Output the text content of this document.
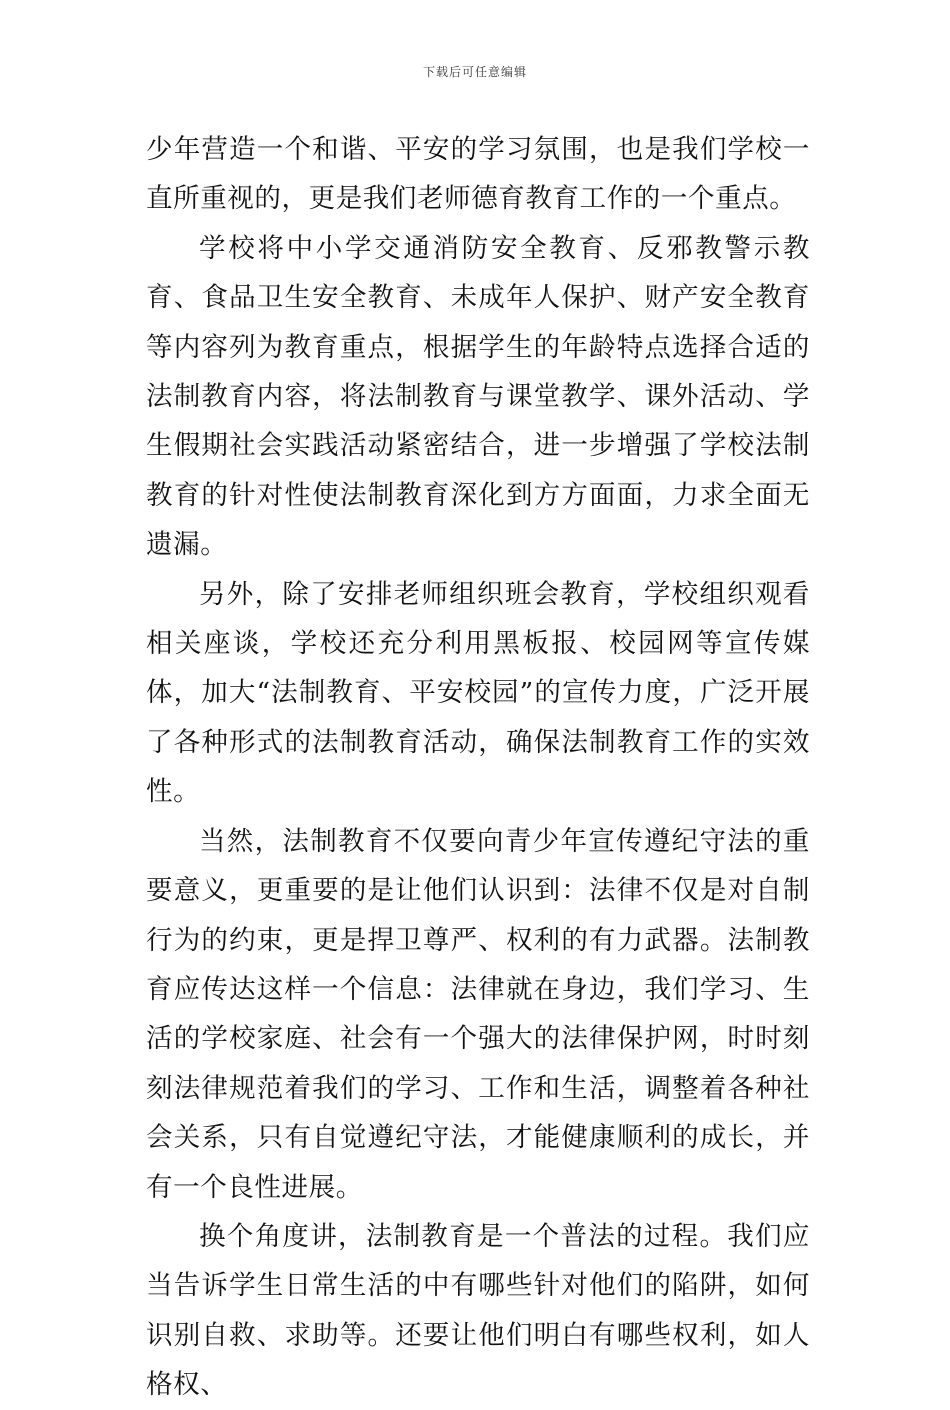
下载后可任意编辑

少年营造一个和谐、平安的学习氛围，也是我们学校一直所重视的，更是我们老师德育教育工作的一个重点。

学校将中小学交通消防安全教育、反邪教警示教育、食品卫生安全教育、未成年人保护、财产安全教育等内容列为教育重点，根据学生的年龄特点选择合适的法制教育内容，将法制教育与课堂教学、课外活动、学生假期社会实践活动紧密结合，进一步增强了学校法制教育的针对性使法制教育深化到方方面面，力求全面无遗漏。

另外，除了安排老师组织班会教育，学校组织观看相关座谈，学校还充分利用黑板报、校园网等宣传媒体，加大“法制教育、平安校园”的宣传力度，广泛开展了各种形式的法制教育活动，确保法制教育工作的实效性。

当然，法制教育不仅要向青少年宣传遵纪守法的重要意义，更重要的是让他们认识到：法律不仅是对自制行为的约束，更是捍卫尊严、权利的有力武器。法制教育应传达这样一个信息：法律就在身边，我们学习、生活的学校家庭、社会有一个强大的法律保护网，时时刻刻法律规范着我们的学习、工作和生活，调整着各种社会关系，只有自觉遵纪守法，才能健康顺利的成长，并有一个良性进展。

换个角度讲，法制教育是一个普法的过程。我们应当告诉学生日常生活的中有哪些针对他们的陷阱，如何识别自救、求助等。还要让他们明白有哪些权利，如人格权、
